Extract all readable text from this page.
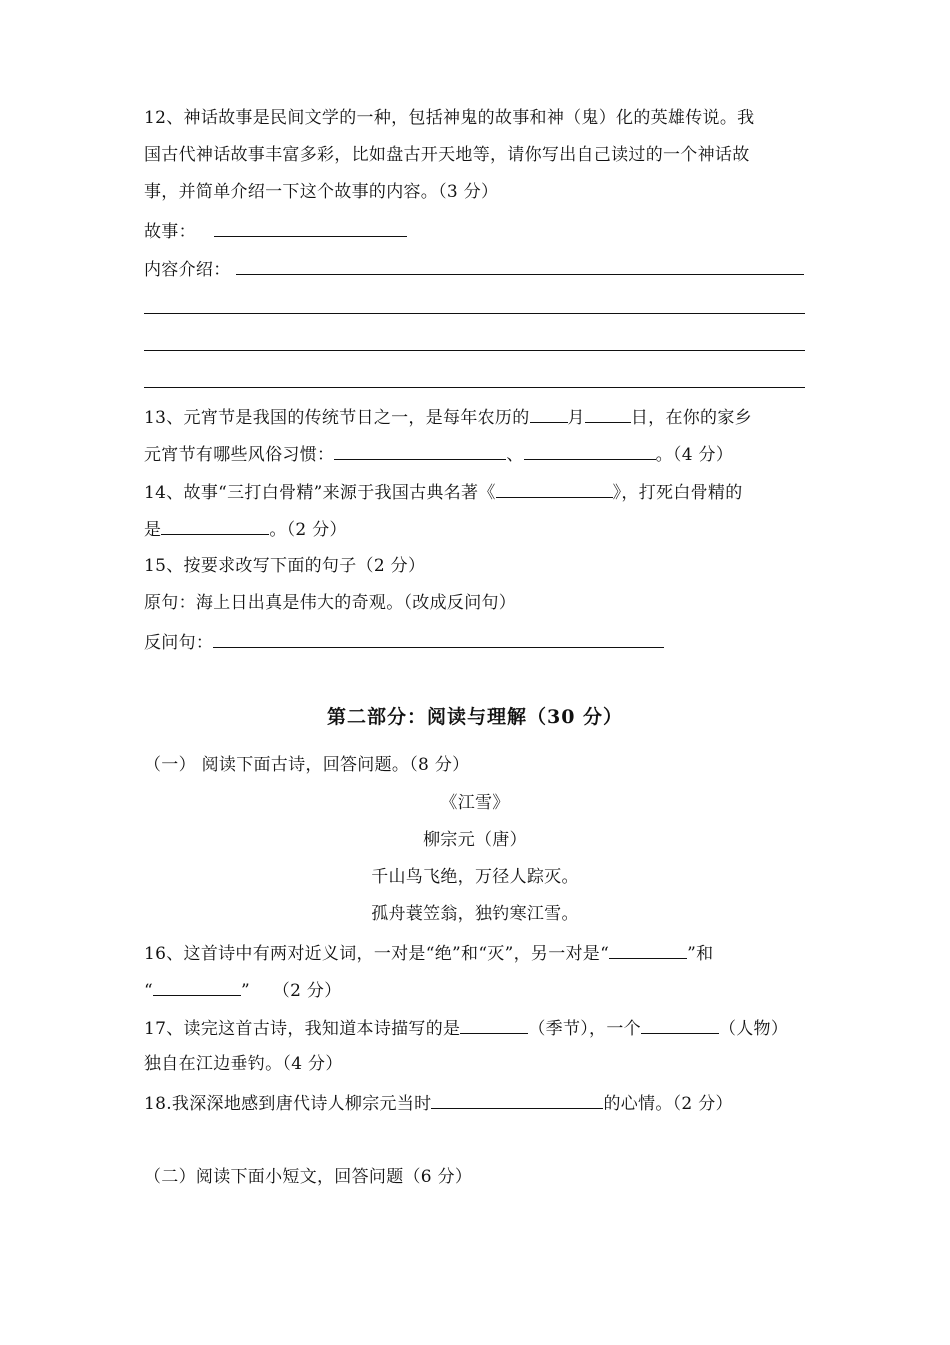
12、神话故事是民间文学的一种，包括神鬼的故事和神（鬼）化的英雄传说。我
国古代神话故事丰富多彩，比如盘古开天地等，请你写出自己读过的一个神话故
事，并简单介绍一下这个故事的内容。（3 分）
故事：
内容介绍：
13、元宵节是我国的传统节日之一，是每年农历的 月	日，在你的家乡
元宵节有哪些风俗习惯：	、	。（4 分）
14、故事“三打白骨精”来源于我国古典名著《	》，打死白骨精的
是	。（2 分）
15、按要求改写下面的句子（2 分）
原句：海上日出真是伟大的奇观。（改成反问句）
反问句：
第二部分：阅读与理解（30 分）
（一） 阅读下面古诗，回答问题。（8 分）
《江雪》
柳宗元（唐）
千山鸟飞绝，万径人踪灭。
孤舟蓑笠翁，独钓寒江雪。
16、这首诗中有两对近义词，一对是“绝”和“灭”，另一对是“	”和
“	”    （2 分）
17、读完这首古诗，我知道本诗描写的是	（季节），一个	（人物）
独自在江边垂钓。（4 分）
18.我深深地感到唐代诗人柳宗元当时	的心情。（2 分）
（二）阅读下面小短文，回答问题（6 分）
